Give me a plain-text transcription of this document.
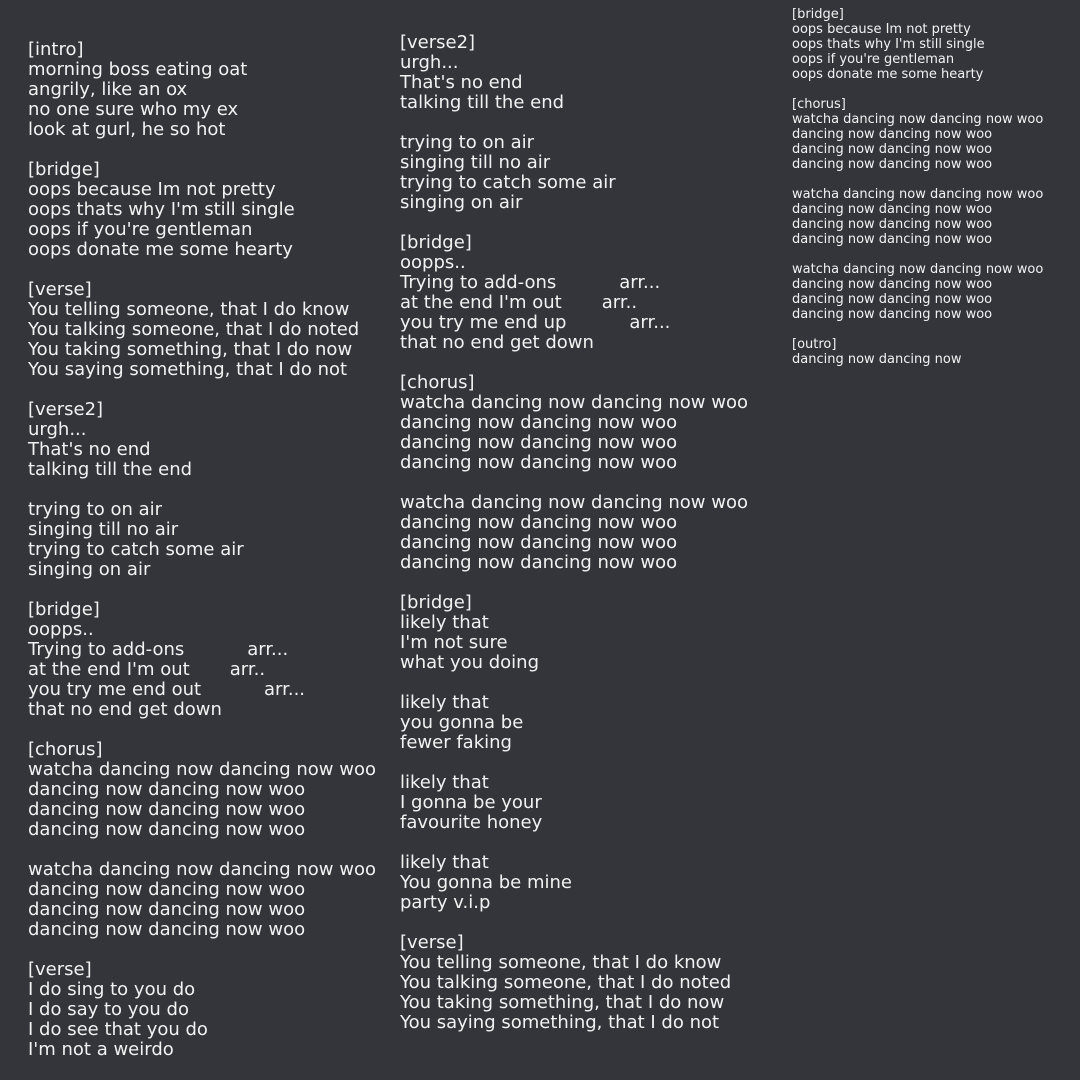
[intro]
morning boss eating oat
angrily, like an ox
no one sure who my ex
look at gurl, he so hot
[bridge]
oops because Im not pretty
oops thats why I'm still single
oops if you're gentleman
oops donate me some hearty
[verse]
You telling someone, that I do know
You talking someone, that I do noted
You taking something, that I do now
You saying something, that I do not
[verse2]
urgh...
That's no end
talking till the end
trying to on air
singing till no air
trying to catch some air
singing on air
[bridge]
oopps..
Trying to add-ons           arr...
at the end I'm out       arr..
you try me end out           arr...
that no end get down
[chorus]
watcha dancing now dancing now woo
dancing now dancing now woo
dancing now dancing now woo
dancing now dancing now woo
watcha dancing now dancing now woo
dancing now dancing now woo
dancing now dancing now woo
dancing now dancing now woo
[verse]
I do sing to you do
I do say to you do
I do see that you do
I'm not a weirdo
[verse2]
urgh...
That's no end
talking till the end
trying to on air
singing till no air
trying to catch some air
singing on air
[bridge]
oopps..
Trying to add-ons           arr...
at the end I'm out       arr..
you try me end up           arr...
that no end get down
[chorus]
watcha dancing now dancing now woo
dancing now dancing now woo
dancing now dancing now woo
dancing now dancing now woo
watcha dancing now dancing now woo
dancing now dancing now woo
dancing now dancing now woo
dancing now dancing now woo
[bridge]
likely that
I'm not sure
what you doing
likely that
you gonna be
fewer faking
likely that
I gonna be your
favourite honey
likely that
You gonna be mine
party v.i.p
[verse]
You telling someone, that I do know
You talking someone, that I do noted
You taking something, that I do now
You saying something, that I do not
[bridge]
oops because Im not pretty
oops thats why I'm still single
oops if you're gentleman
oops donate me some hearty
[chorus]
watcha dancing now dancing now woo
dancing now dancing now woo
dancing now dancing now woo
dancing now dancing now woo
watcha dancing now dancing now woo
dancing now dancing now woo
dancing now dancing now woo
dancing now dancing now woo
watcha dancing now dancing now woo
dancing now dancing now woo
dancing now dancing now woo
dancing now dancing now woo
[outro]
dancing now dancing now
